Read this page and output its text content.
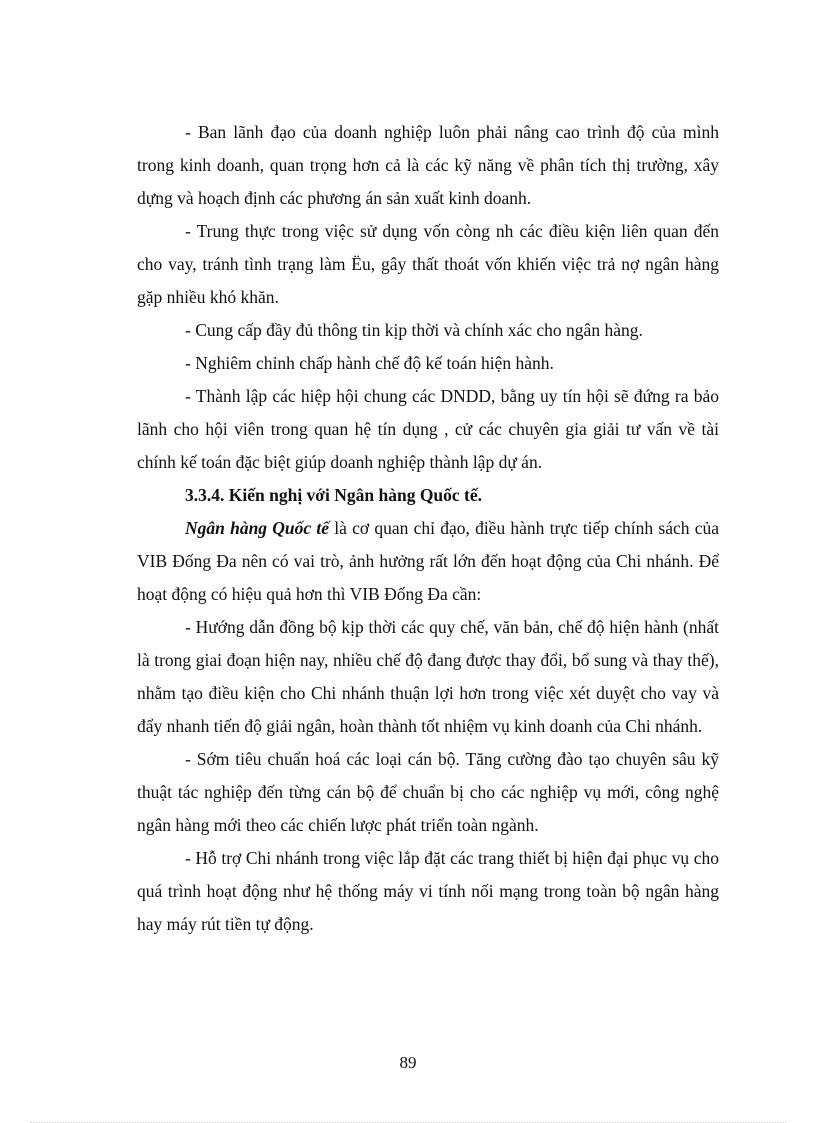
- Ban lãnh đạo của doanh nghiệp luôn phải nâng cao trình độ của mình trong kinh doanh, quan trọng hơn cả là các kỹ năng về phân tích thị trường, xây dựng và hoạch định các phương án sản xuất kinh doanh.

- Trung thực trong việc sử dụng vốn còng nh các điều kiện liên quan đến cho vay, tránh tình trạng làm Ëu, gây thất thoát vốn khiến việc trả nợ ngân hàng gặp nhiều khó khăn.

- Cung cấp đầy đủ thông tin kịp thời và chính xác cho ngân hàng.

- Nghiêm chỉnh chấp hành chế độ kế toán hiện hành.

- Thành lập các hiệp hội chung các DNDD, bằng uy tín hội sẽ đứng ra bảo lãnh cho hội viên trong quan hệ tín dụng , cử các chuyên gia giải tư vấn về tài chính kế toán đặc biệt giúp doanh nghiệp thành lập dự án.

3.3.4. Kiến nghị với Ngân hàng Quốc tế.

Ngân hàng Quốc tế là cơ quan chỉ đạo, điều hành trực tiếp chính sách của VIB Đống Đa nên có vai trò, ảnh hưởng rất lớn đến hoạt động của Chi nhánh. Để hoạt động có hiệu quả hơn thì VIB Đống Đa cần:

- Hướng dẫn đồng bộ kịp thời các quy chế, văn bản, chế độ hiện hành (nhất là trong giai đoạn hiện nay, nhiều chế độ đang được thay đổi, bổ sung và thay thế), nhằm tạo điều kiện cho Chi nhánh thuận lợi hơn trong việc xét duyệt cho vay và đẩy nhanh tiến độ giải ngân, hoàn thành tốt nhiệm vụ kinh doanh của Chi nhánh.

- Sớm tiêu chuẩn hoá các loại cán bộ. Tăng cường đào tạo chuyên sâu kỹ thuật tác nghiệp đến từng cán bộ để chuẩn bị cho các nghiệp vụ mới, công nghệ ngân hàng mới theo các chiến lược phát triển toàn ngành.

- Hỗ trợ Chi nhánh trong việc lắp đặt các trang thiết bị hiện đại phục vụ cho quá trình hoạt động như hệ thống máy vi tính nối mạng trong toàn bộ ngân hàng hay máy rút tiền tự động.

89
